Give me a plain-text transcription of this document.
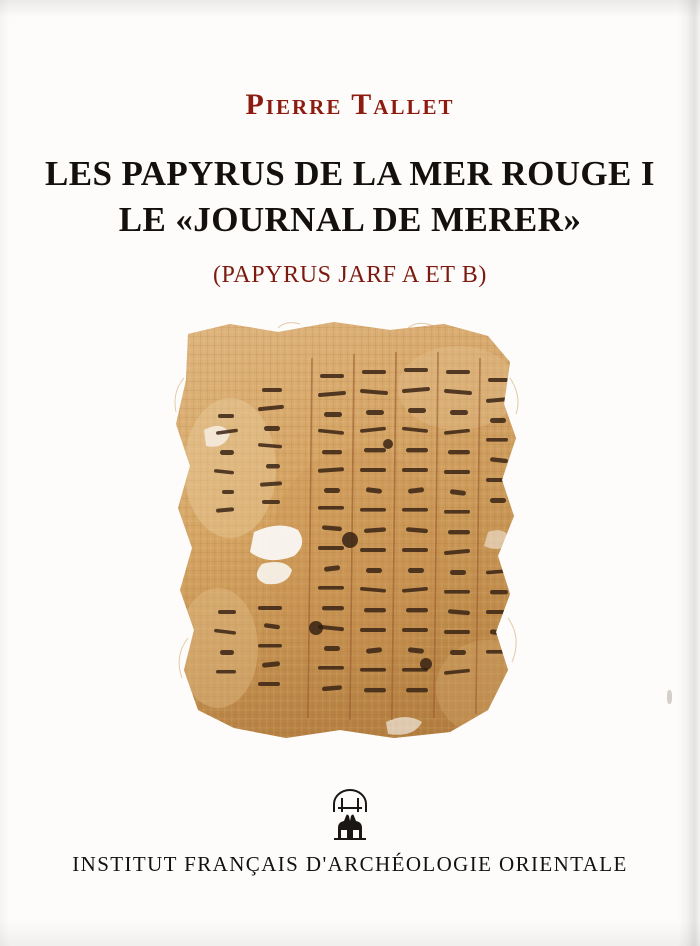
Pierre Tallet
LES PAPYRUS DE LA MER ROUGE I
LE «JOURNAL DE MERER»
(PAPYRUS JARF A ET B)
INSTITUT FRANÇAIS D'ARCHÉOLOGIE ORIENTALE
